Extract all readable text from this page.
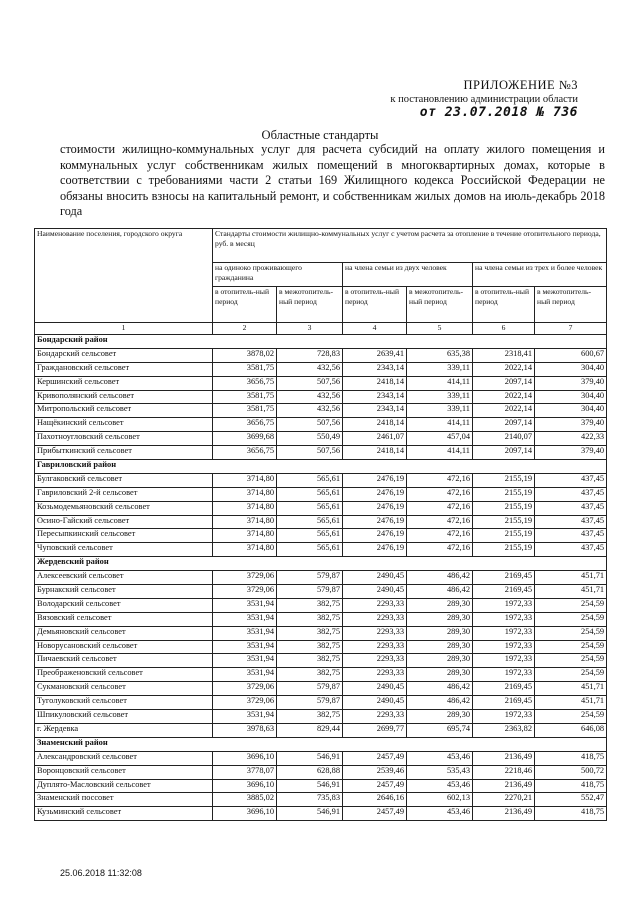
ПРИЛОЖЕНИЕ №3
к постановлению администрации области
от 23.07.2018 № 736
Областные стандарты
стоимости жилищно-коммунальных услуг для расчета субсидий на оплату жилого помещения и коммунальных услуг собственникам жилых помещений в многоквартирных домах, которые в соответствии с требованиями части 2 статьи 169 Жилищного кодекса Российской Федерации не обязаны вносить взносы на капитальный ремонт, и собственникам жилых домов на июль-декабрь 2018 года
Наименование поселения, городского округа	Стандарты стоимости жилищно-коммунальных услуг с учетом расчета за отопление в течение отопительного периода, руб. в месяц					
	на одиноко проживающего гражданина		на члена семьи из двух человек		на члена семьи из трех и более человек	
	в отопитель-ный период	в межотопитель-ный период	в отопитель-ный период	в межотопитель-ный период	в отопитель-ный период	в межотопитель-ный период
1	2	3	4	5	6	7
Бондарский район						
Бондарский сельсовет	3878,02	728,83	2639,41	635,38	2318,41	600,67
Граждановский сельсовет	3581,75	432,56	2343,14	339,11	2022,14	304,40
Кершинский сельсовет	3656,75	507,56	2418,14	414,11	2097,14	379,40
Кривополянский сельсовет	3581,75	432,56	2343,14	339,11	2022,14	304,40
Митропольский сельсовет	3581,75	432,56	2343,14	339,11	2022,14	304,40
Нащёкинский сельсовет	3656,75	507,56	2418,14	414,11	2097,14	379,40
Пахотноугловский сельсовет	3699,68	550,49	2461,07	457,04	2140,07	422,33
Прибыткинский сельсовет	3656,75	507,56	2418,14	414,11	2097,14	379,40
Гавриловский район						
Булгаковский сельсовет	3714,80	565,61	2476,19	472,16	2155,19	437,45
Гавриловский 2-й сельсовет	3714,80	565,61	2476,19	472,16	2155,19	437,45
Козьмодемьяновский сельсовет	3714,80	565,61	2476,19	472,16	2155,19	437,45
Осино-Гайский сельсовет	3714,80	565,61	2476,19	472,16	2155,19	437,45
Пересыпкинский сельсовет	3714,80	565,61	2476,19	472,16	2155,19	437,45
Чуповский сельсовет	3714,80	565,61	2476,19	472,16	2155,19	437,45
Жердевский район						
Алексеевский сельсовет	3729,06	579,87	2490,45	486,42	2169,45	451,71
Бурнакский сельсовет	3729,06	579,87	2490,45	486,42	2169,45	451,71
Володарский сельсовет	3531,94	382,75	2293,33	289,30	1972,33	254,59
Вязовский сельсовет	3531,94	382,75	2293,33	289,30	1972,33	254,59
Демьяновский сельсовет	3531,94	382,75	2293,33	289,30	1972,33	254,59
Новорусановский сельсовет	3531,94	382,75	2293,33	289,30	1972,33	254,59
Пичаевский сельсовет	3531,94	382,75	2293,33	289,30	1972,33	254,59
Преображеновский сельсовет	3531,94	382,75	2293,33	289,30	1972,33	254,59
Сукмановский сельсовет	3729,06	579,87	2490,45	486,42	2169,45	451,71
Туголуковский сельсовет	3729,06	579,87	2490,45	486,42	2169,45	451,71
Шпикуловский сельсовет	3531,94	382,75	2293,33	289,30	1972,33	254,59
г. Жердевка	3978,63	829,44	2699,77	695,74	2363,82	646,08
Знаменский район						
Александровский сельсовет	3696,10	546,91	2457,49	453,46	2136,49	418,75
Воронцовский сельсовет	3778,07	628,88	2539,46	535,43	2218,46	500,72
Дуплято-Масловский сельсовет	3696,10	546,91	2457,49	453,46	2136,49	418,75
Знаменский поссовет	3885,02	735,83	2646,16	602,13	2270,21	552,47
Кузьминский сельсовет	3696,10	546,91	2457,49	453,46	2136,49	418,75
25.06.2018 11:32:08
